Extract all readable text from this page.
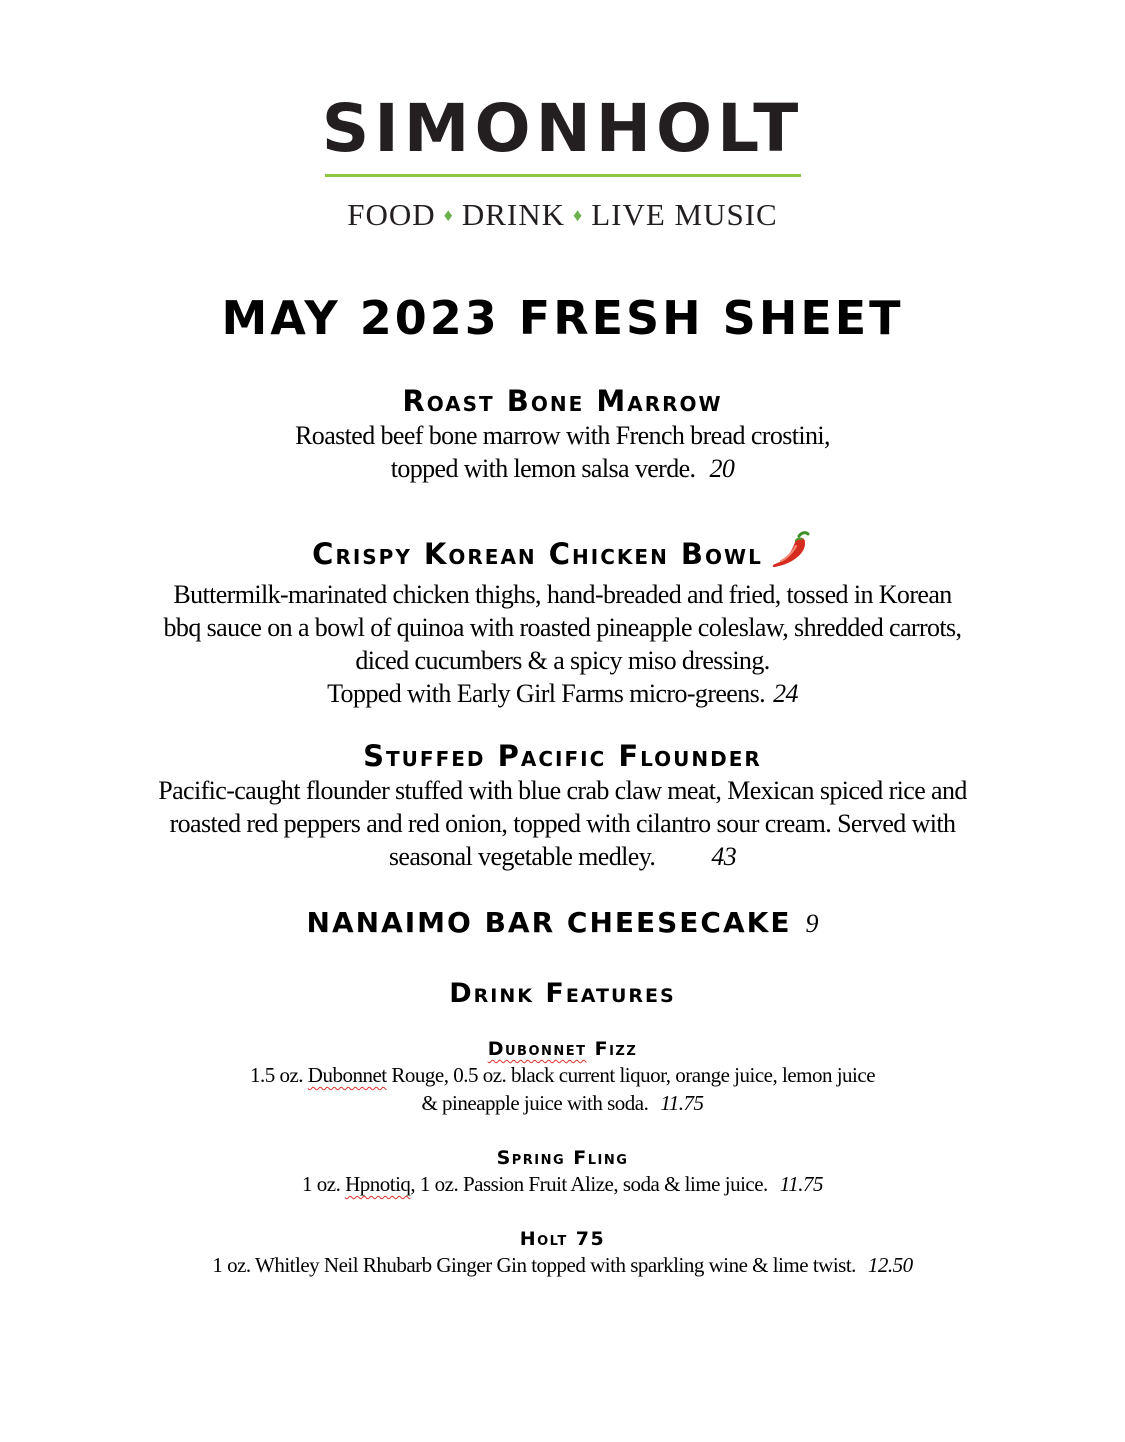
SIMONHOLT
FOOD ♦ DRINK ♦ LIVE MUSIC
MAY 2023 FRESH SHEET
Roast Bone Marrow
Roasted beef bone marrow with French bread crostini,
topped with lemon salsa verde. 20
Crispy Korean Chicken Bowl
Buttermilk-marinated chicken thighs, hand-breaded and fried, tossed in Korean
bbq sauce on a bowl of quinoa with roasted pineapple coleslaw, shredded carrots,
diced cucumbers & a spicy miso dressing.
Topped with Early Girl Farms micro-greens. 24
Stuffed Pacific Flounder
Pacific-caught flounder stuffed with blue crab claw meat, Mexican spiced rice and
roasted red peppers and red onion, topped with cilantro sour cream. Served with
seasonal vegetable medley. 43
NANAIMO BAR CHEESECAKE 9
Drink Features
Dubonnet Fizz
1.5 oz. Dubonnet Rouge, 0.5 oz. black current liquor, orange juice, lemon juice
& pineapple juice with soda. 11.75
Spring Fling
1 oz. Hpnotiq, 1 oz. Passion Fruit Alize, soda & lime juice. 11.75
Holt 75
1 oz. Whitley Neil Rhubarb Ginger Gin topped with sparkling wine & lime twist. 12.50
